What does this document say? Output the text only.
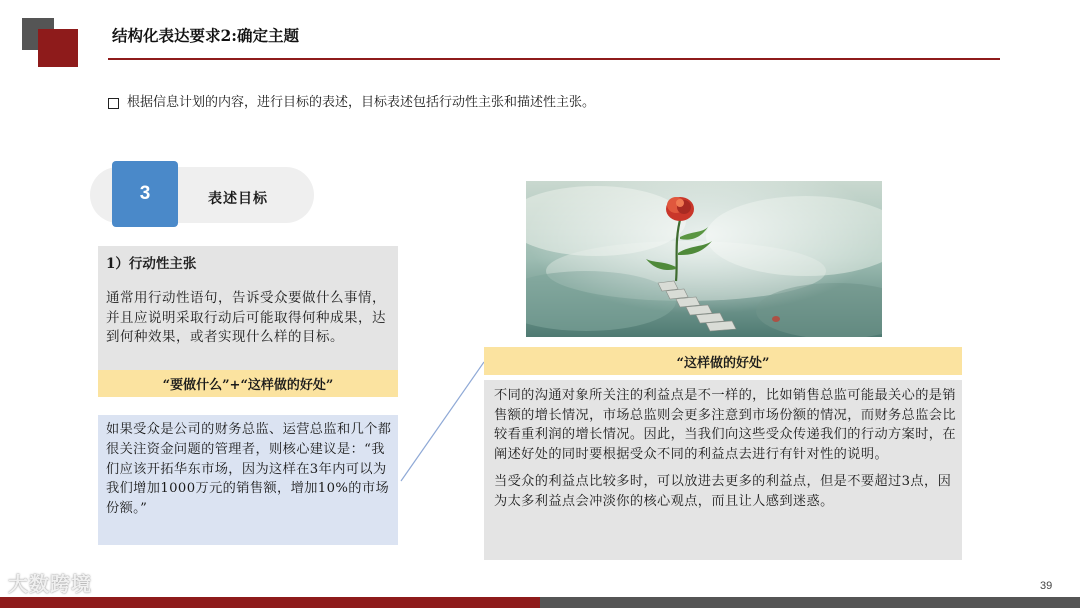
结构化表达要求2:确定主题
根据信息计划的内容，进行目标的表述，目标表述包括行动性主张和描述性主张。
3	表述目标
1）行动性主张
通常用行动性语句，告诉受众要做什么事情，并且应说明采取行动后可能取得何种成果，达到何种效果，或者实现什么样的目标。
“要做什么”+“这样做的好处”
如果受众是公司的财务总监、运营总监和几个都很关注资金问题的管理者，则核心建议是：“我们应该开拓华东市场，因为这样在3年内可以为我们增加1000万元的销售额，增加10%的市场份额。”
“这样做的好处”

不同的沟通对象所关注的利益点是不一样的，比如销售总监可能最关心的是销售额的增长情况，市场总监则会更多注意到市场份额的情况，而财务总监会比较看重利润的增长情况。因此，当我们向这些受众传递我们的行动方案时，在阐述好处的同时要根据受众不同的利益点去进行有针对性的说明。

当受众的利益点比较多时，可以放进去更多的利益点，但是不要超过3点，因为太多利益点会冲淡你的核心观点，而且让人感到迷惑。

大数跨境	39
